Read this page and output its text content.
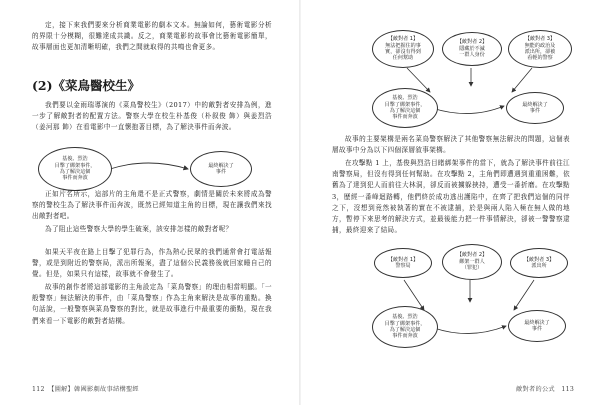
定，接下來我們要來分析商業電影的劇本文本。無論如何，藝術電影分析的界限十分模糊，很難達成共識。反之，商業電影的故事會比藝術電影簡單，故事層面也更加清晰明確，我們之間就取得的共鳴也會更多。

(2)《菜鳥醫校生》

我們要以金雨瑞導演的《菜鳥警校生》（2017）中的敵對者安排為例，進一步了解敵對者的配置方法。警察大學在校生朴基俊（朴叙俊 飾）與姜烈浩（姜河那 飾）在看電影中一直懷抱著目標，為了解決事件而奔波。

基俊、烈浩
目擊了綁架事件，
為了解決這個
事件而奔波
最終解決了
事件

正如片名所示，這部片的主角還不是正式警察，劇情是關於未來將成為警察的警校生為了解決事件而奔波，既然已經知道主角的目標，現在讓我們來找出敵對者吧。

為了阻止這些警察大學的學生破案，該安排怎樣的敵對者呢？

如果天平夜在路上目擊了犯罪行為，作為熱心民眾的我們通常會打電話報警，或是到附近的警察局，派出所報案，盡了這個公民義務後就回家睡自己的覺。但是，如果只有這樣，故事就不會發生了。

故事的創作者將這部電影的主角設定為「菜鳥警察」的理由相當明顯。「一般警察」無法解決的事件，由「菜鳥警察」作為主角來解決是故事的重點。換句話說，一般警察與菜鳥警察的對比，就是故事進行中最重要的衝點，現在我們來看一下電影的敵對者結構。

112　【圖解】韓國影劇故事結構聖經
【敵對者 1】
無法把握住的事
實，卻沒有得到
任何幫助
【敵對者 2】
隱藏於不滅
一群人身份
【敵對者 3】
無能的政治及
派出所，卻被
看輕的警察
基俊、烈浩
目擊了綁架事件，
為了解決這個
事件而奔波
最終解決了
事件

故事的主要架構是兩名菜鳥警察解決了其他警察無法解決的問題，這個表層故事中分為以下四個深層敘事架構。

在攻擊點 1 上，基俊與烈浩目睹綁架事件的當下，就為了解決事件前往江南警察局，但沒有得到任何幫助。在攻擊點 2，主角們即遭遇到重重困難，依舊為了達到犯人而前往大林洞，卻反而被擄躲挾持，遭受一番折磨。在攻擊點 3，歷經一番峰迴路轉，他們終於成功逃出護陷中，在齊了把我們這個的同伴之下，沒想到竟然被執著的實在不被逮捕，於是與兩人陷入極在無人做的地方，暫停下來思考的解決方式，並最後能力把一件事情解決，卻被一警警察逮捕，最終迎來了結局。

【敵對者 1】
警察局
【敵對者 2】
綁架一群人
（罪犯）
【敵對者 3】
派出所
基俊、烈浩
目擊了綁架事件，
為了解決這個
事件而奔波
最終解決了
事件
敵對者的公式　113
